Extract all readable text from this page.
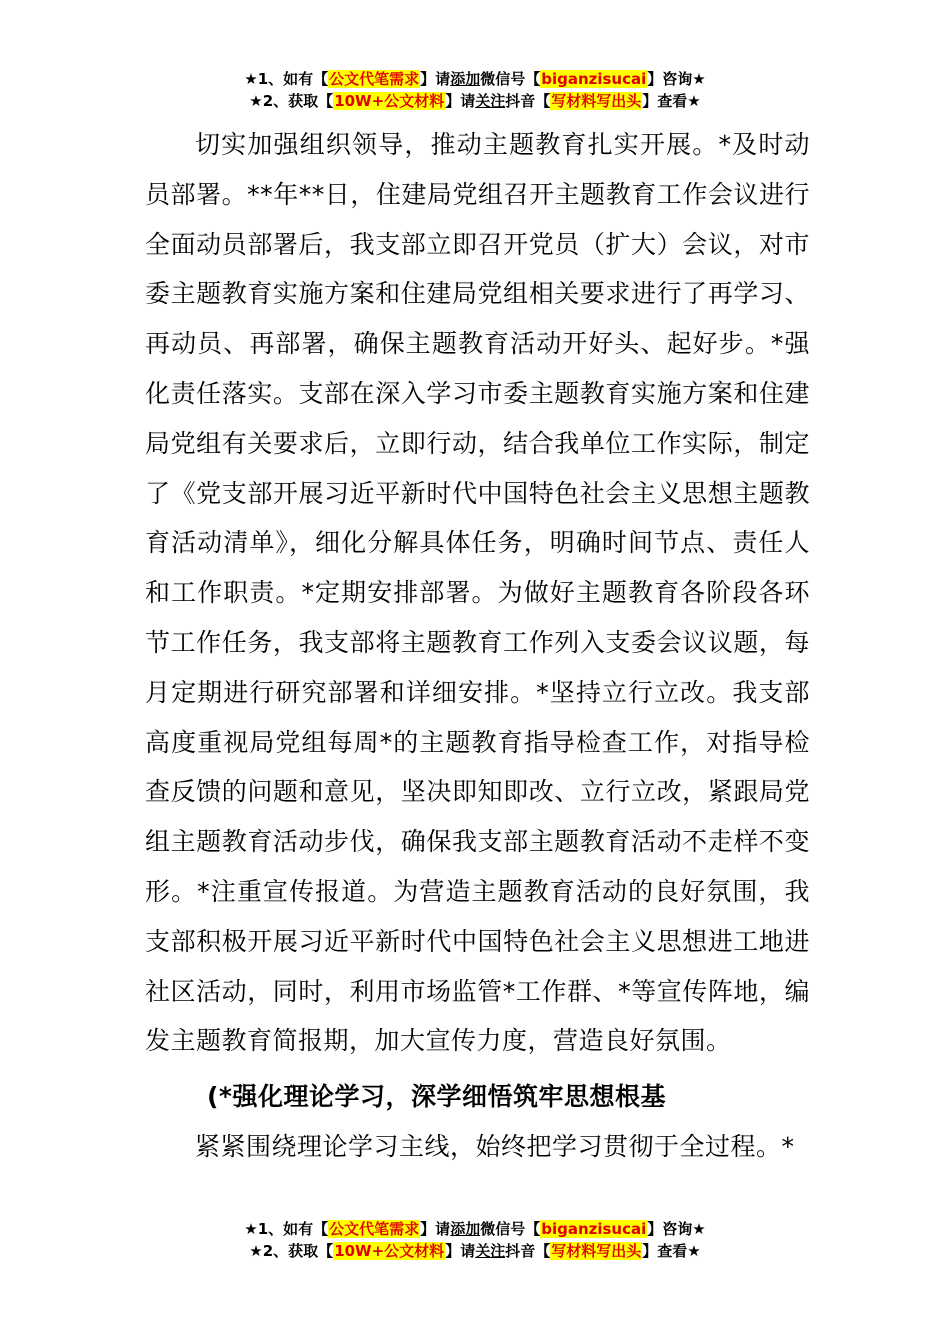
★1、如有【公文代笔需求】请添加微信号【biganzisucai】咨询★
★2、获取【10W+公文材料】请关注抖音【写材料写出头】查看★

切实加强组织领导，推动主题教育扎实开展。*及时动员部署。**年**日，住建局党组召开主题教育工作会议进行全面动员部署后，我支部立即召开党员（扩大）会议，对市委主题教育实施方案和住建局党组相关要求进行了再学习、再动员、再部署，确保主题教育活动开好头、起好步。*强化责任落实。支部在深入学习市委主题教育实施方案和住建局党组有关要求后，立即行动，结合我单位工作实际，制定了《党支部开展习近平新时代中国特色社会主义思想主题教育活动清单》，细化分解具体任务，明确时间节点、责任人和工作职责。*定期安排部署。为做好主题教育各阶段各环节工作任务，我支部将主题教育工作列入支委会议议题，每月定期进行研究部署和详细安排。*坚持立行立改。我支部高度重视局党组每周*的主题教育指导检查工作，对指导检查反馈的问题和意见，坚决即知即改、立行立改，紧跟局党组主题教育活动步伐，确保我支部主题教育活动不走样不变形。*注重宣传报道。为营造主题教育活动的良好氛围，我支部积极开展习近平新时代中国特色社会主义思想进工地进社区活动，同时，利用市场监管*工作群、*等宣传阵地，编发主题教育简报期，加大宣传力度，营造良好氛围。

(*强化理论学习，深学细悟筑牢思想根基

紧紧围绕理论学习主线，始终把学习贯彻于全过程。*

★1、如有【公文代笔需求】请添加微信号【biganzisucai】咨询★
★2、获取【10W+公文材料】请关注抖音【写材料写出头】查看★
